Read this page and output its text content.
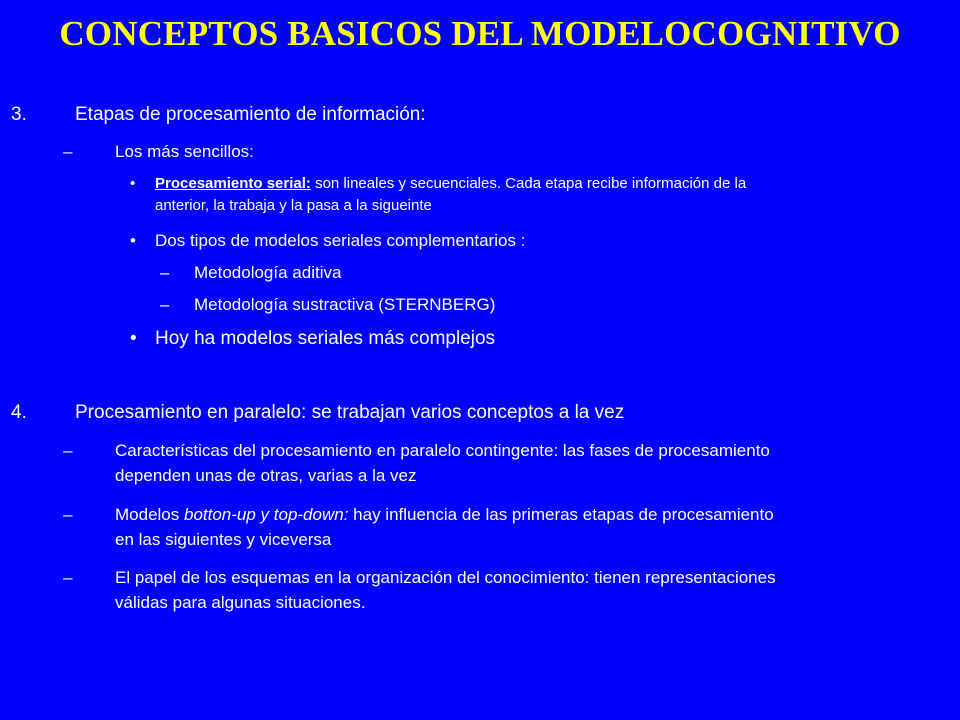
CONCEPTOS BASICOS DEL MODELOCOGNITIVO
3.	Etapas de procesamiento de información:
–	Los más sencillos:
• Procesamiento serial: son lineales y secuenciales. Cada etapa recibe información de la
anterior, la trabaja y la pasa a la sigueinte
• Dos tipos de modelos seriales complementarios :
– Metodología aditiva
– Metodología sustractiva (STERNBERG)
• Hoy ha modelos seriales más complejos
4.	Procesamiento en paralelo: se trabajan varios conceptos a la vez
–	Características del procesamiento en paralelo contingente: las fases de procesamiento
dependen unas de otras, varias a la vez
–	Modelos botton-up y top-down: hay influencia de las primeras etapas de procesamiento
en las siguientes y viceversa
–	El papel de los esquemas en la organización del conocimiento: tienen representaciones
válidas para algunas situaciones.
